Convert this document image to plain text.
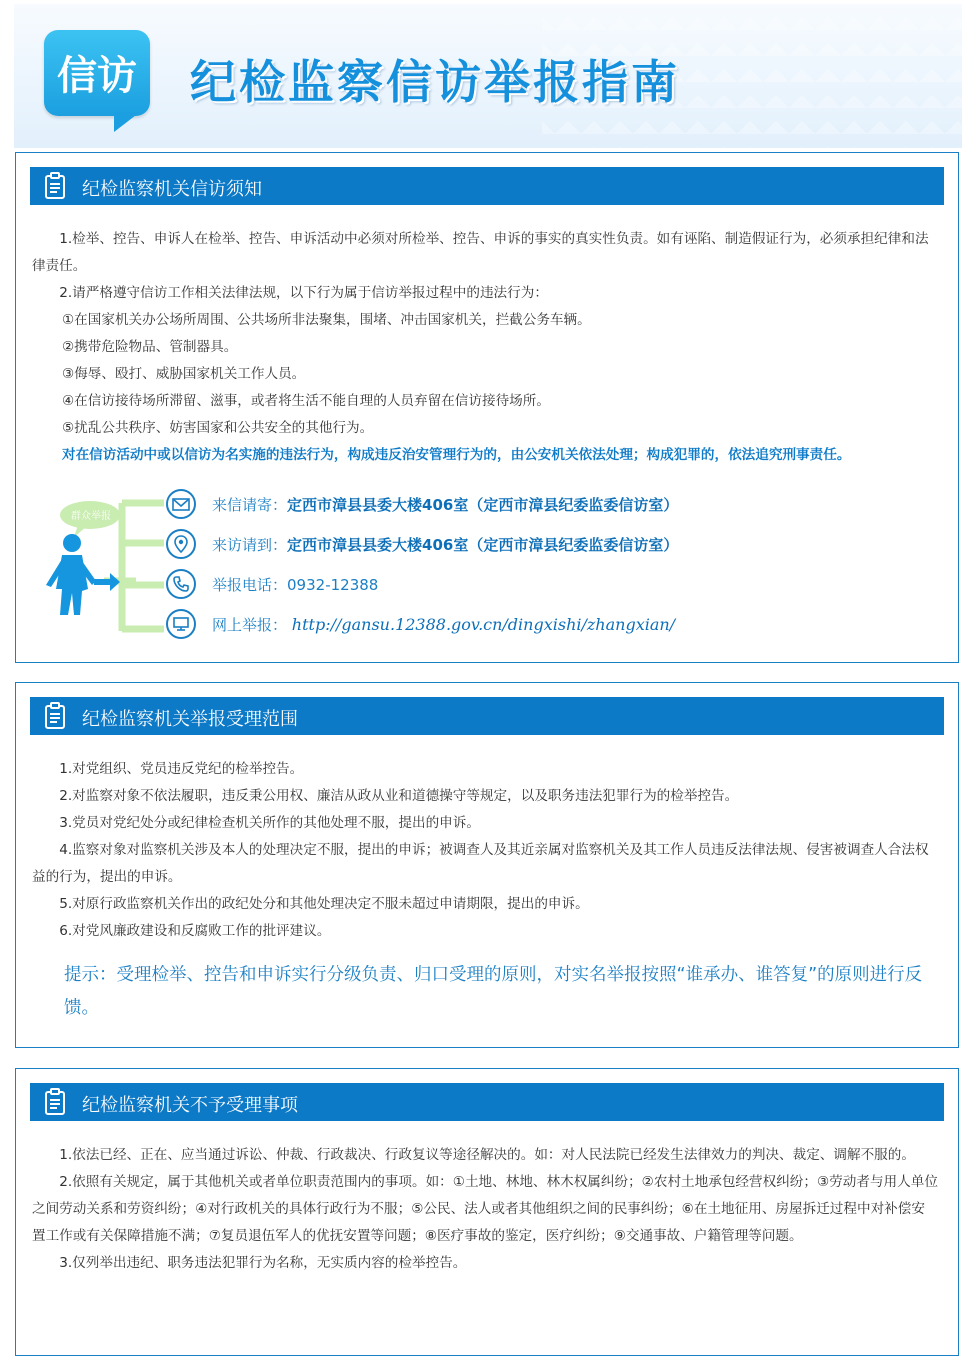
信访 纪检监察信访举报指南
纪检监察机关信访须知

1.检举、控告、申诉人在检举、控告、申诉活动中必须对所检举、控告、申诉的事实的真实性负责。如有诬陷、制造假证行为，必须承担纪律和法律责任。

2.请严格遵守信访工作相关法律法规，以下行为属于信访举报过程中的违法行为：

①在国家机关办公场所周围、公共场所非法聚集，围堵、冲击国家机关，拦截公务车辆。

②携带危险物品、管制器具。

③侮辱、殴打、威胁国家机关工作人员。

④在信访接待场所滞留、滋事，或者将生活不能自理的人员弃留在信访接待场所。

⑤扰乱公共秩序、妨害国家和公共安全的其他行为。

对在信访活动中或以信访为名实施的违法行为，构成违反治安管理行为的，由公安机关依法处理；构成犯罪的，依法追究刑事责任。

群众举报
来信请寄：定西市漳县县委大楼406室（定西市漳县纪委监委信访室）
来访请到：定西市漳县县委大楼406室（定西市漳县纪委监委信访室）
举报电话：0932-12388
网上举报： http://gansu.12388.gov.cn/dingxishi/zhangxian/
纪检监察机关举报受理范围

1.对党组织、党员违反党纪的检举控告。

2.对监察对象不依法履职，违反秉公用权、廉洁从政从业和道德操守等规定，以及职务违法犯罪行为的检举控告。

3.党员对党纪处分或纪律检查机关所作的其他处理不服，提出的申诉。

4.监察对象对监察机关涉及本人的处理决定不服，提出的申诉；被调查人及其近亲属对监察机关及其工作人员违反法律法规、侵害被调查人合法权益的行为，提出的申诉。

5.对原行政监察机关作出的政纪处分和其他处理决定不服未超过申请期限，提出的申诉。

6.对党风廉政建设和反腐败工作的批评建议。

提示：受理检举、控告和申诉实行分级负责、归口受理的原则，对实名举报按照“谁承办、谁答复”的原则进行反馈。
纪检监察机关不予受理事项

1.依法已经、正在、应当通过诉讼、仲裁、行政裁决、行政复议等途径解决的。如：对人民法院已经发生法律效力的判决、裁定、调解不服的。

2.依照有关规定，属于其他机关或者单位职责范围内的事项。如：①土地、林地、林木权属纠纷；②农村土地承包经营权纠纷；③劳动者与用人单位之间劳动关系和劳资纠纷；④对行政机关的具体行政行为不服；⑤公民、法人或者其他组织之间的民事纠纷；⑥在土地征用、房屋拆迁过程中对补偿安置工作或有关保障措施不满；⑦复员退伍军人的优抚安置等问题；⑧医疗事故的鉴定，医疗纠纷；⑨交通事故、户籍管理等问题。

3.仅列举出违纪、职务违法犯罪行为名称，无实质内容的检举控告。
